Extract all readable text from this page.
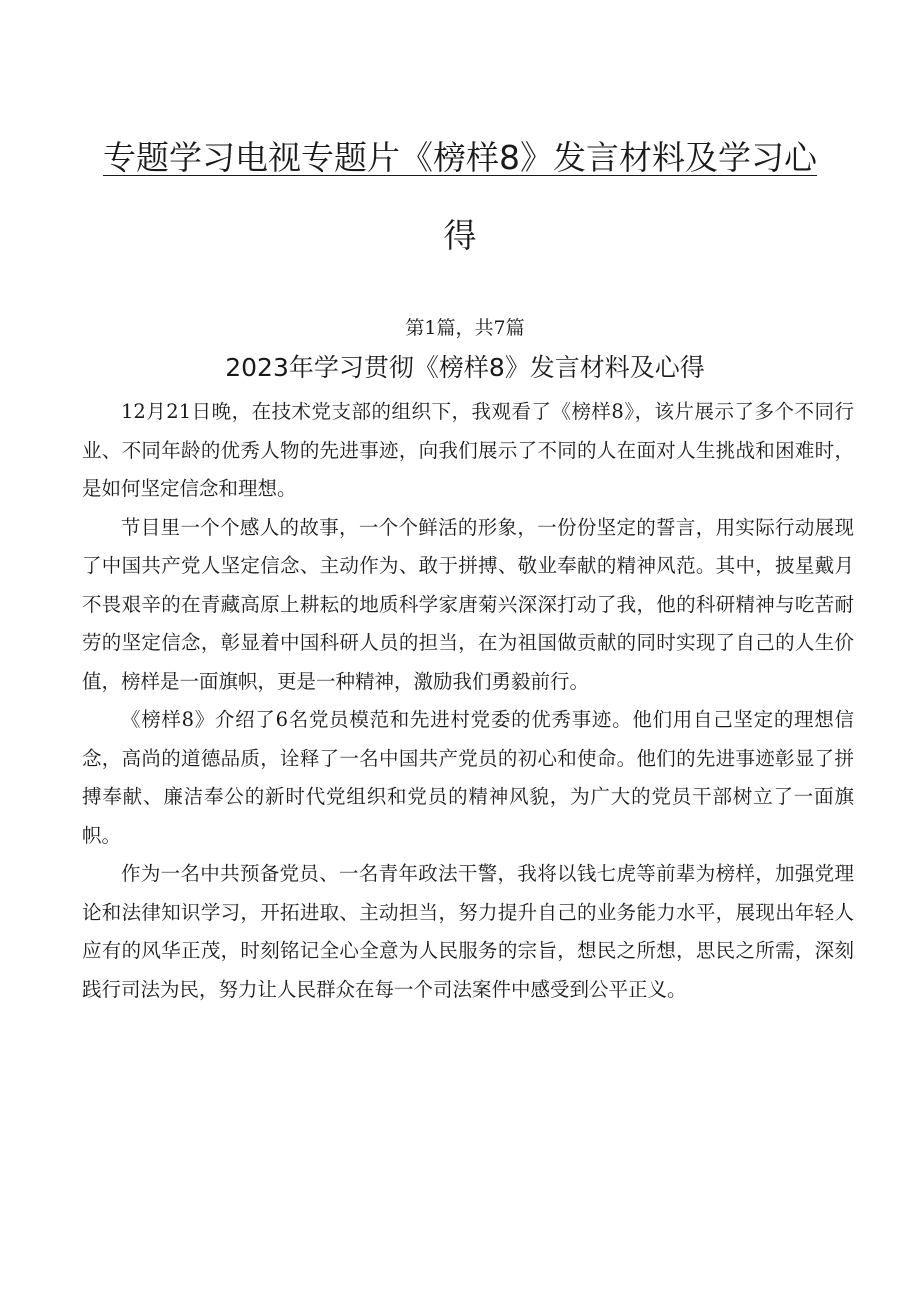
专题学习电视专题片《榜样8》发言材料及学习心
得
第1篇，共7篇
2023年学习贯彻《榜样8》发言材料及心得

12月21日晚，在技术党支部的组织下，我观看了《榜样8》，该片展示了多个不同行业、不同年龄的优秀人物的先进事迹，向我们展示了不同的人在面对人生挑战和困难时，是如何坚定信念和理想。

节目里一个个感人的故事，一个个鲜活的形象，一份份坚定的誓言，用实际行动展现了中国共产党人坚定信念、主动作为、敢于拼搏、敬业奉献的精神风范。其中，披星戴月不畏艰辛的在青藏高原上耕耘的地质科学家唐菊兴深深打动了我，他的科研精神与吃苦耐劳的坚定信念，彰显着中国科研人员的担当，在为祖国做贡献的同时实现了自己的人生价值，榜样是一面旗帜，更是一种精神，激励我们勇毅前行。

《榜样8》介绍了6名党员模范和先进村党委的优秀事迹。他们用自己坚定的理想信念，高尚的道德品质，诠释了一名中国共产党员的初心和使命。他们的先进事迹彰显了拼搏奉献、廉洁奉公的新时代党组织和党员的精神风貌，为广大的党员干部树立了一面旗帜。

作为一名中共预备党员、一名青年政法干警，我将以钱七虎等前辈为榜样，加强党理论和法律知识学习，开拓进取、主动担当，努力提升自己的业务能力水平，展现出年轻人应有的风华正茂，时刻铭记全心全意为人民服务的宗旨，想民之所想，思民之所需，深刻践行司法为民，努力让人民群众在每一个司法案件中感受到公平正义。
